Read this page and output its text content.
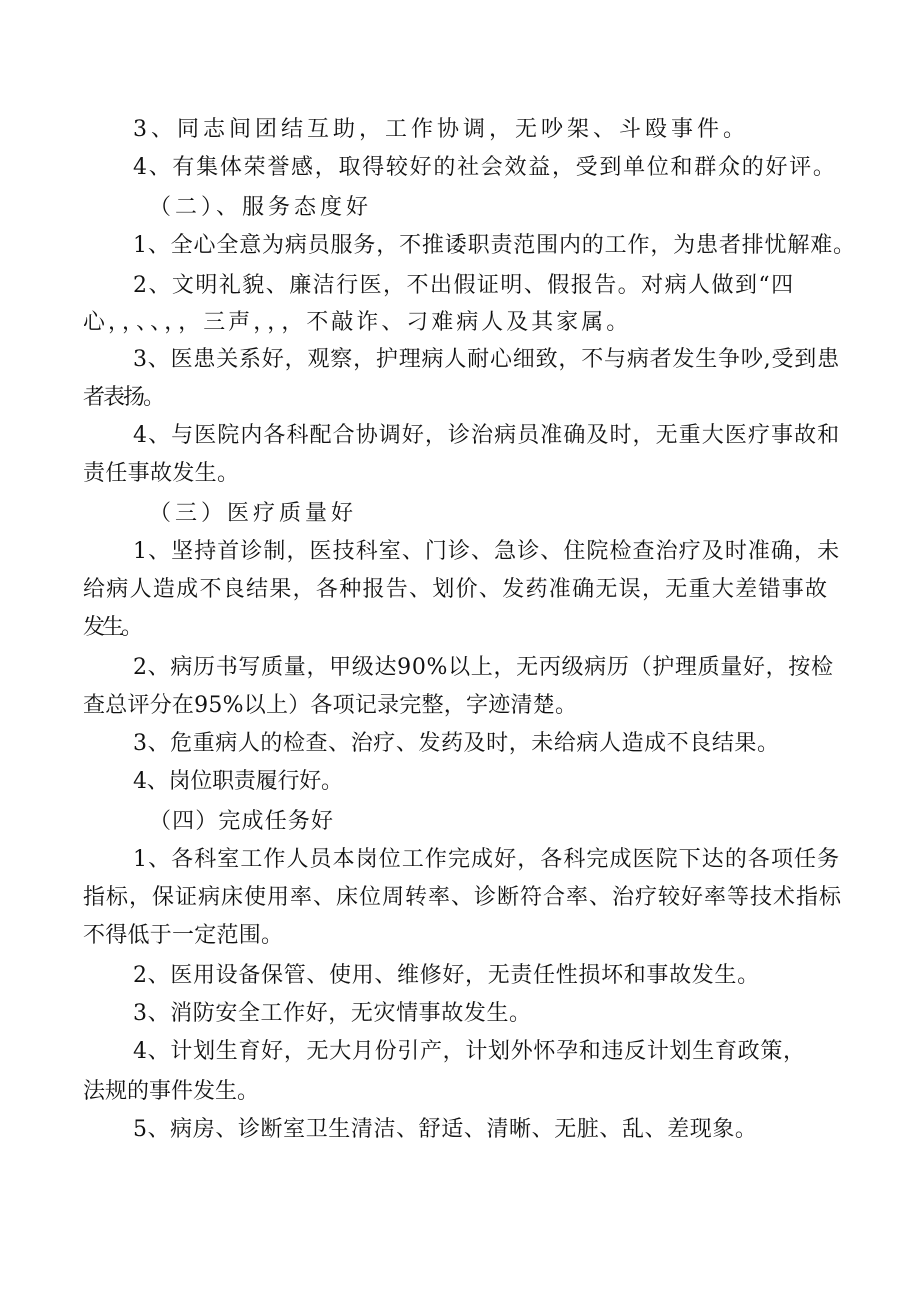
3、同志间团结互助，工作协调，无吵架、斗殴事件。
4、有集体荣誉感，取得较好的社会效益，受到单位和群众的好评。
（二）、服务态度好
1、全心全意为病员服务，不推诿职责范围内的工作，为患者排忧解难。
2、文明礼貌、廉洁行医，不出假证明、假报告。对病人做到“四
心，，、、，，三声，，，不敲诈、刁难病人及其家属。
3、医患关系好，观察，护理病人耐心细致，不与病者发生争吵,受到患
者表扬。
4、与医院内各科配合协调好，诊治病员准确及时，无重大医疗事故和
责任事故发生。
（三）医疗质量好
1、坚持首诊制，医技科室、门诊、急诊、住院检查治疗及时准确，未
给病人造成不良结果，各种报告、划价、发药准确无误，无重大差错事故
发生。
2、病历书写质量，甲级达90%以上，无丙级病历（护理质量好，按检
查总评分在95%以上）各项记录完整，字迹清楚。
3、危重病人的检查、治疗、发药及时，未给病人造成不良结果。
4、岗位职责履行好。
（四）完成任务好
1、各科室工作人员本岗位工作完成好，各科完成医院下达的各项任务
指标，保证病床使用率、床位周转率、诊断符合率、治疗较好率等技术指标
不得低于一定范围。
2、医用设备保管、使用、维修好，无责任性损坏和事故发生。
3、消防安全工作好，无灾情事故发生。
4、计划生育好，无大月份引产，计划外怀孕和违反计划生育政策，
法规的事件发生。
5、病房、诊断室卫生清洁、舒适、清晰、无脏、乱、差现象。
